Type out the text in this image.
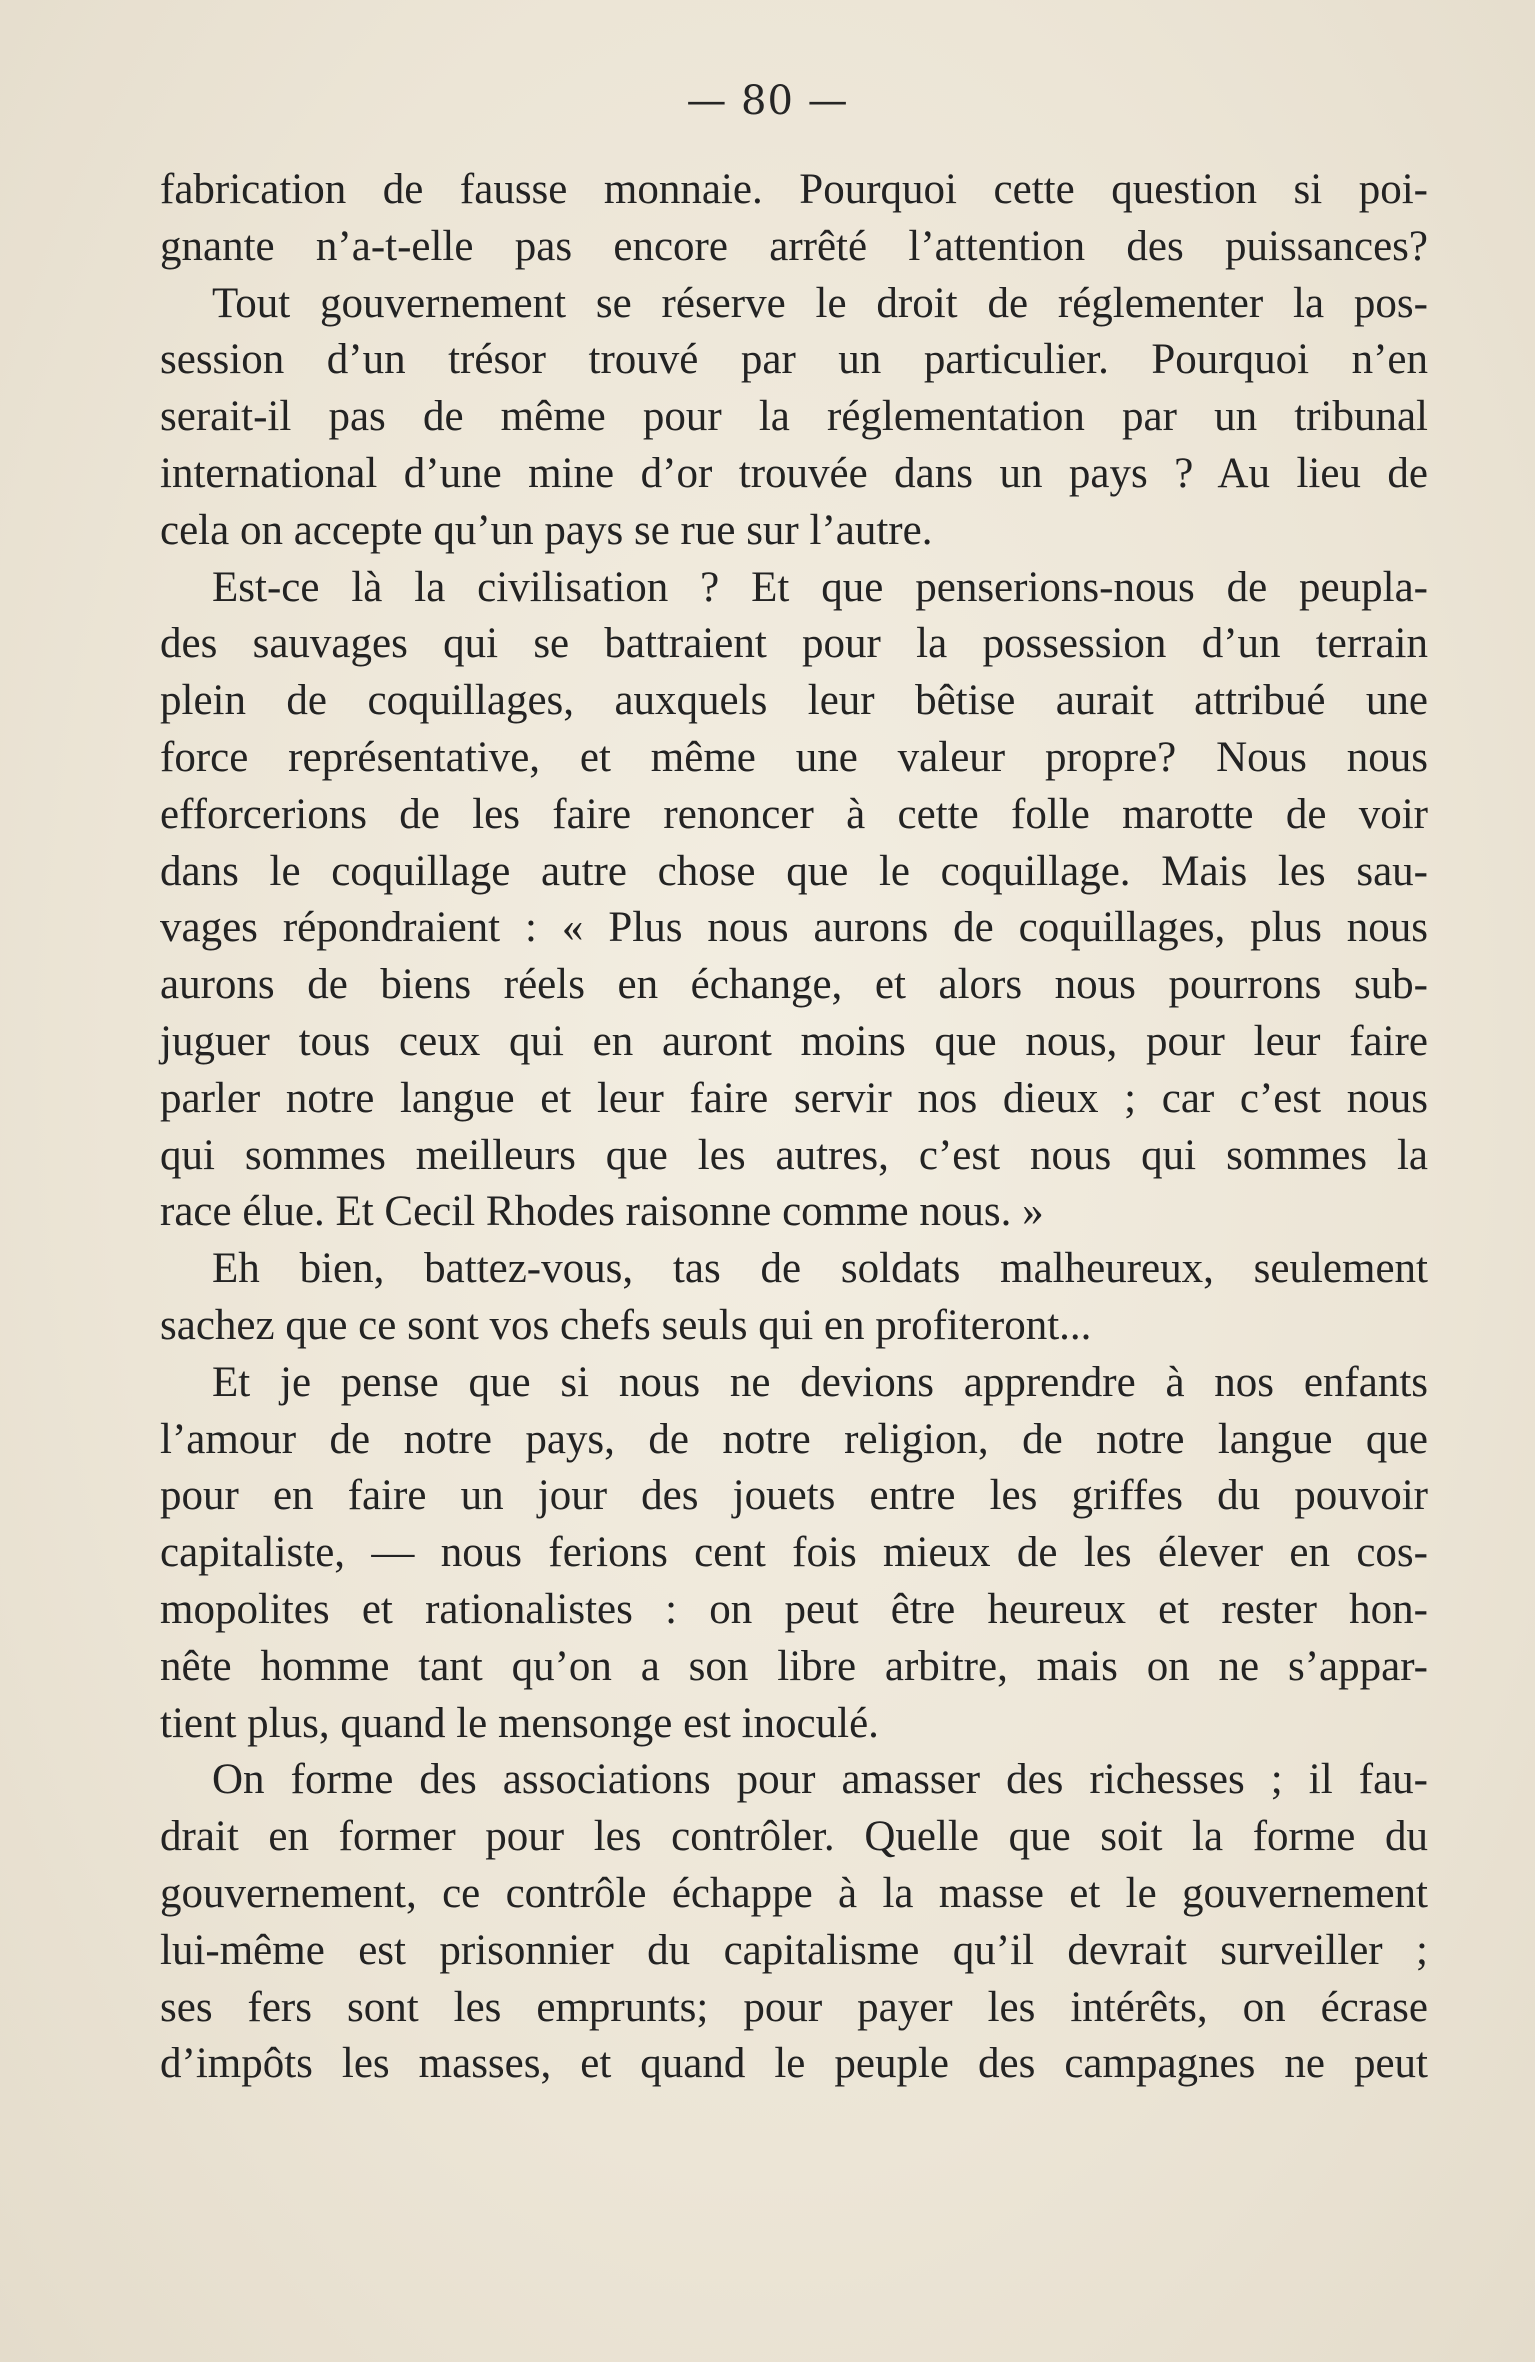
— 80 —
fabrication de fausse monnaie. Pourquoi cette question si poi-
gnante n’a-t-elle pas encore arrêté l’attention des puissances?
Tout gouvernement se réserve le droit de réglementer la pos-
session d’un trésor trouvé par un particulier. Pourquoi n’en
serait-il pas de même pour la réglementation par un tribunal
international d’une mine d’or trouvée dans un pays ? Au lieu de
cela on accepte qu’un pays se rue sur l’autre.
Est-ce là la civilisation ? Et que penserions-nous de peupla-
des sauvages qui se battraient pour la possession d’un terrain
plein de coquillages, auxquels leur bêtise aurait attribué une
force représentative, et même une valeur propre? Nous nous
efforcerions de les faire renoncer à cette folle marotte de voir
dans le coquillage autre chose que le coquillage. Mais les sau-
vages répondraient : « Plus nous aurons de coquillages, plus nous
aurons de biens réels en échange, et alors nous pourrons sub-
juguer tous ceux qui en auront moins que nous, pour leur faire
parler notre langue et leur faire servir nos dieux ; car c’est nous
qui sommes meilleurs que les autres, c’est nous qui sommes la
race élue. Et Cecil Rhodes raisonne comme nous. »
Eh bien, battez-vous, tas de soldats malheureux, seulement
sachez que ce sont vos chefs seuls qui en profiteront...
Et je pense que si nous ne devions apprendre à nos enfants
l’amour de notre pays, de notre religion, de notre langue que
pour en faire un jour des jouets entre les griffes du pouvoir
capitaliste, — nous ferions cent fois mieux de les élever en cos-
mopolites et rationalistes : on peut être heureux et rester hon-
nête homme tant qu’on a son libre arbitre, mais on ne s’appar-
tient plus, quand le mensonge est inoculé.
On forme des associations pour amasser des richesses ; il fau-
drait en former pour les contrôler. Quelle que soit la forme du
gouvernement, ce contrôle échappe à la masse et le gouvernement
lui-même est prisonnier du capitalisme qu’il devrait surveiller ;
ses fers sont les emprunts; pour payer les intérêts, on écrase
d’impôts les masses, et quand le peuple des campagnes ne peut
